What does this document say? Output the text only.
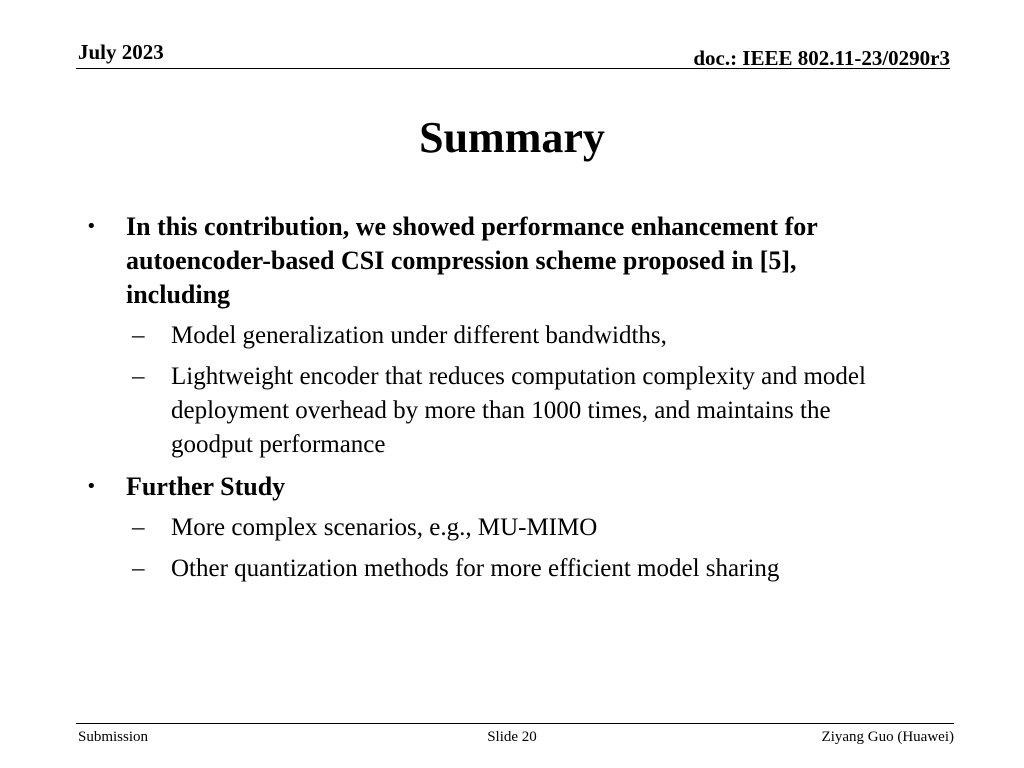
July 2023	doc.: IEEE 802.11-23/0290r3
Summary
• In this contribution, we showed performance enhancement for autoencoder-based CSI compression scheme proposed in [5], including
– Model generalization under different bandwidths,
– Lightweight encoder that reduces computation complexity and model deployment overhead by more than 1000 times, and maintains the goodput performance
• Further Study
– More complex scenarios, e.g., MU-MIMO
– Other quantization methods for more efficient model sharing
Submission	Slide 20	Ziyang Guo (Huawei)
